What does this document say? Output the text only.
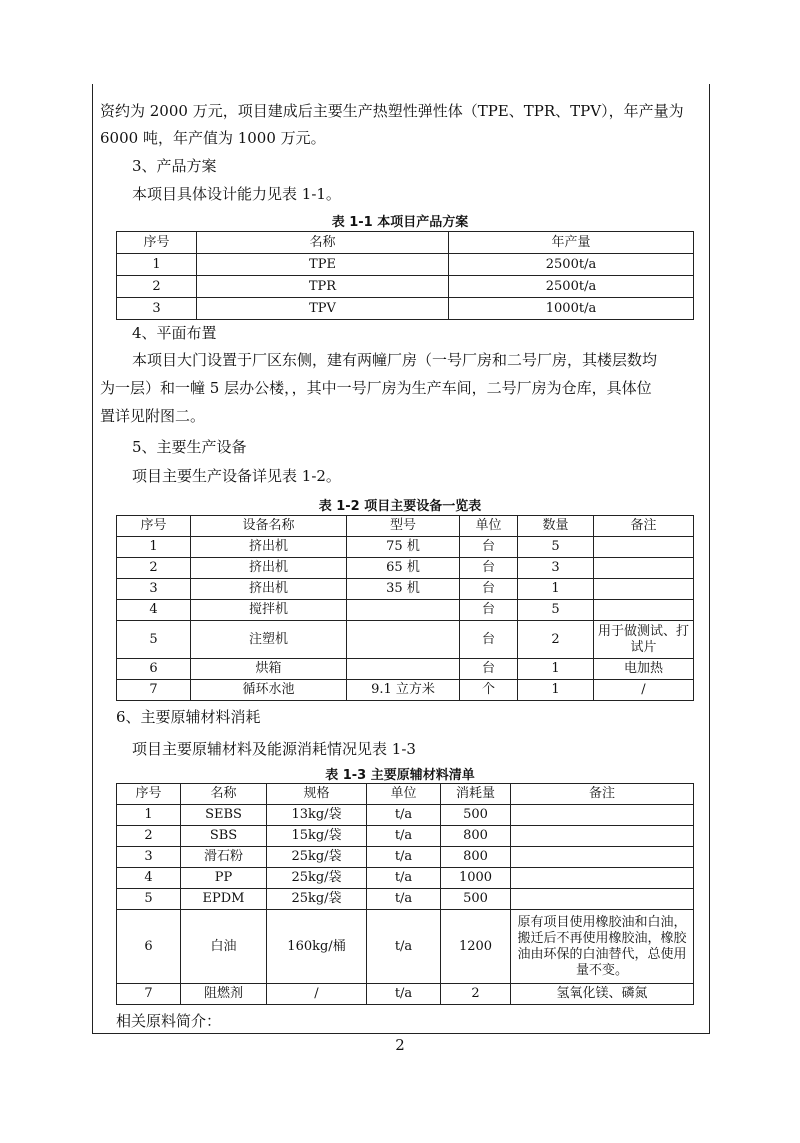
资约为 2000 万元，项目建成后主要生产热塑性弹性体（TPE、TPR、TPV），年产量为
6000 吨，年产值为 1000 万元。
3、产品方案
本项目具体设计能力见表 1-1。
表 1-1 本项目产品方案
序号	名称	年产量
1	TPE	2500t/a
2	TPR	2500t/a
3	TPV	1000t/a
4、平面布置
本项目大门设置于厂区东侧，建有两幢厂房（一号厂房和二号厂房，其楼层数均
为一层）和一幢 5 层办公楼，，其中一号厂房为生产车间，二号厂房为仓库，具体位
置详见附图二。
5、主要生产设备
项目主要生产设备详见表 1-2。
表 1-2 项目主要设备一览表
序号	设备名称	型号	单位	数量	备注
1	挤出机	75 机	台	5	
2	挤出机	65 机	台	3	
3	挤出机	35 机	台	1	
4	搅拌机		台	5	
5	注塑机		台	2	用于做测试、打试片
6	烘箱		台	1	电加热
7	循环水池	9.1 立方米	个	1	/
6、主要原辅材料消耗
项目主要原辅材料及能源消耗情况见表 1-3
表 1-3 主要原辅材料清单
序号	名称	规格	单位	消耗量	备注
1	SEBS	13kg/袋	t/a	500	
2	SBS	15kg/袋	t/a	800	
3	滑石粉	25kg/袋	t/a	800	
4	PP	25kg/袋	t/a	1000	
5	EPDM	25kg/袋	t/a	500	
6	白油	160kg/桶	t/a	1200	原有项目使用橡胶油和白油，搬迁后不再使用橡胶油，橡胶油由环保的白油替代，总使用量不变。
7	阻燃剂	/	t/a	2	氢氧化镁、磷氮
相关原料简介：
2
